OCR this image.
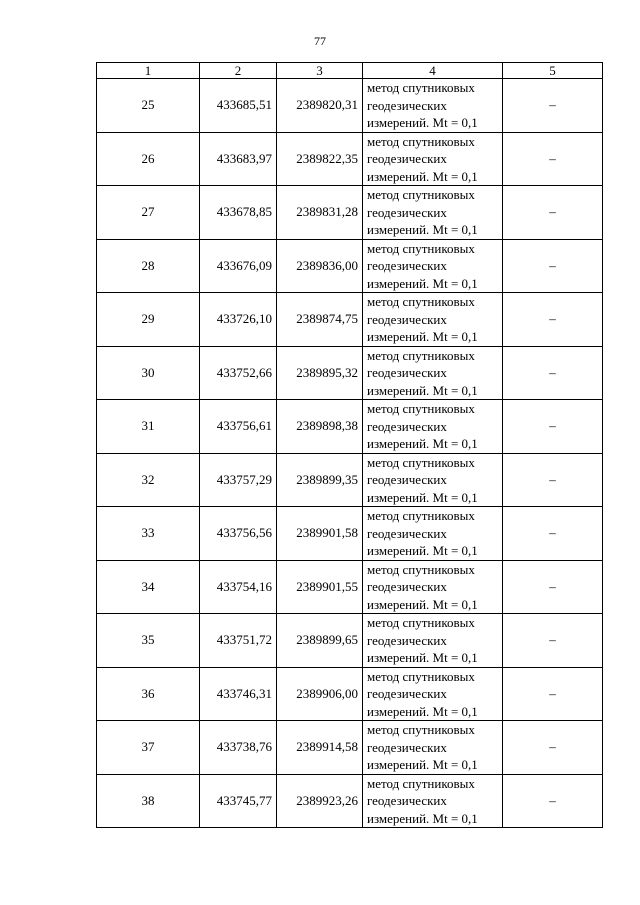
77
1	2	3	4	5
25	433685,51	2389820,31	метод спутниковых
геодезических
измерений. Mt = 0,1	–
26	433683,97	2389822,35	метод спутниковых
геодезических
измерений. Mt = 0,1	–
27	433678,85	2389831,28	метод спутниковых
геодезических
измерений. Mt = 0,1	–
28	433676,09	2389836,00	метод спутниковых
геодезических
измерений. Mt = 0,1	–
29	433726,10	2389874,75	метод спутниковых
геодезических
измерений. Mt = 0,1	–
30	433752,66	2389895,32	метод спутниковых
геодезических
измерений. Mt = 0,1	–
31	433756,61	2389898,38	метод спутниковых
геодезических
измерений. Mt = 0,1	–
32	433757,29	2389899,35	метод спутниковых
геодезических
измерений. Mt = 0,1	–
33	433756,56	2389901,58	метод спутниковых
геодезических
измерений. Mt = 0,1	–
34	433754,16	2389901,55	метод спутниковых
геодезических
измерений. Mt = 0,1	–
35	433751,72	2389899,65	метод спутниковых
геодезических
измерений. Mt = 0,1	–
36	433746,31	2389906,00	метод спутниковых
геодезических
измерений. Mt = 0,1	–
37	433738,76	2389914,58	метод спутниковых
геодезических
измерений. Mt = 0,1	–
38	433745,77	2389923,26	метод спутниковых
геодезических
измерений. Mt = 0,1	–
